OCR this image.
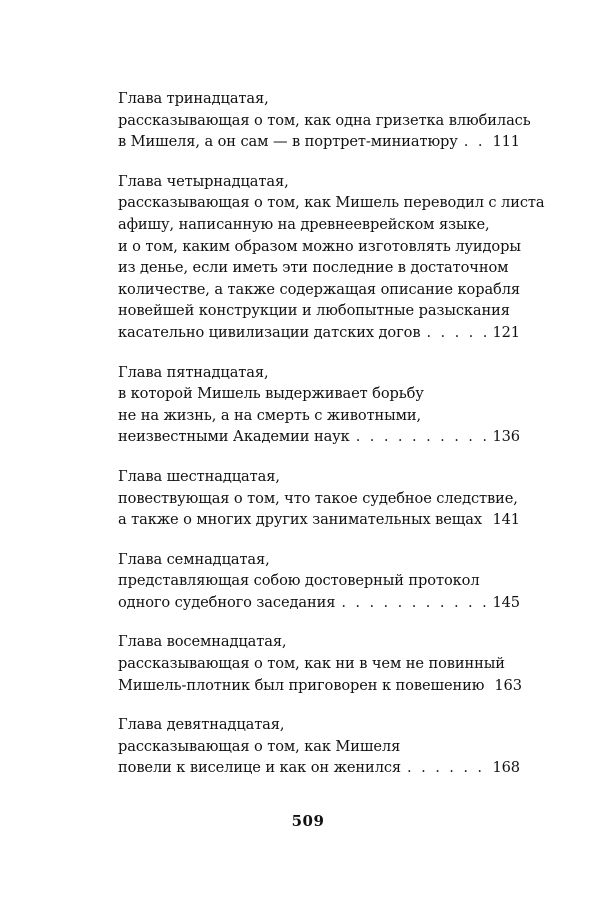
Глава тринадцатая,
рассказывающая о том, как одна гризетка влюбилась
в Мишеля, а он сам — в портрет-миниатюру . . . 111
Глава четырнадцатая,
рассказывающая о том, как Мишель переводил с листа
афишу, написанную на древнееврейском языке,
и о том, каким образом можно изготовлять луидоры
из денье, если иметь эти последние в достаточном
количестве, а также содержащая описание корабля
новейшей конструкции и любопытные разыскания
касательно цивилизации датских догов . . .	121
Глава пятнадцатая,
в которой Мишель выдерживает борьбу
не на жизнь, а на смерть с животными,
неизвестными Академии наук . . .	136
Глава шестнадцатая,
повествующая о том, что такое судебное следствие,
а также о многих других занимательных вещах . . . 141
Глава семнадцатая,
представляющая собою достоверный протокол
одного судебного заседания . . .	145
Глава восемнадцатая,
рассказывающая о том, как ни в чем не повинный
Мишель-плотник был приговорен к повешению 163
Глава девятнадцатая,
рассказывающая о том, как Мишеля
повели к виселице и как он женился . . .	168
509
